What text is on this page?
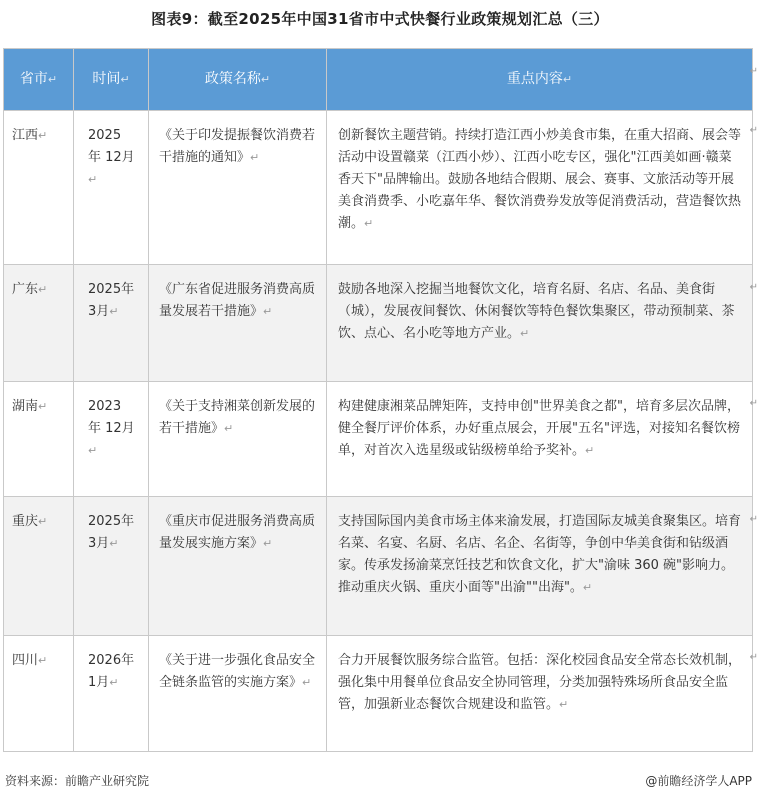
图表9：截至2025年中国31省市中式快餐行业政策规划汇总（三）
省市↵	时间↵	政策名称↵	重点内容↵

江西↵	2025 年 12月↵	《关于印发提振餐饮消费若干措施的通知》↵	创新餐饮主题营销。持续打造江西小炒美食市集，在重大招商、展会等活动中设置赣菜（江西小炒）、江西小吃专区，强化"江西美如画·赣菜香天下"品牌输出。鼓励各地结合假期、展会、赛事、文旅活动等开展美食消费季、小吃嘉年华、餐饮消费券发放等促消费活动，营造餐饮热潮。↵

广东↵	2025年3月↵	《广东省促进服务消费高质量发展若干措施》↵	鼓励各地深入挖掘当地餐饮文化，培育名厨、名店、名品、美食街（城），发展夜间餐饮、休闲餐饮等特色餐饮集聚区，带动预制菜、茶饮、点心、名小吃等地方产业。↵

湖南↵	2023 年 12月↵	《关于支持湘菜创新发展的若干措施》↵	构建健康湘菜品牌矩阵，支持申创"世界美食之都"，培育多层次品牌，健全餐厅评价体系，办好重点展会，开展"五名"评选，对接知名餐饮榜单，对首次入选星级或钻级榜单给予奖补。↵

重庆↵	2025年3月↵	《重庆市促进服务消费高质量发展实施方案》↵	支持国际国内美食市场主体来渝发展，打造国际友城美食聚集区。培育名菜、名宴、名厨、名店、名企、名街等，争创中华美食街和钻级酒家。传承发扬渝菜烹饪技艺和饮食文化，扩大"渝味 360 碗"影响力。推动重庆火锅、重庆小面等"出渝""出海"。↵

四川↵	2026年1月↵	《关于进一步强化食品安全全链条监管的实施方案》↵	合力开展餐饮服务综合监管。包括：深化校园食品安全常态长效机制，强化集中用餐单位食品安全协同管理，分类加强特殊场所食品安全监管，加强新业态餐饮合规建设和监管。↵
↵
↵
↵
↵
↵
↵
资料来源：前瞻产业研究院	@前瞻经济学人APP
